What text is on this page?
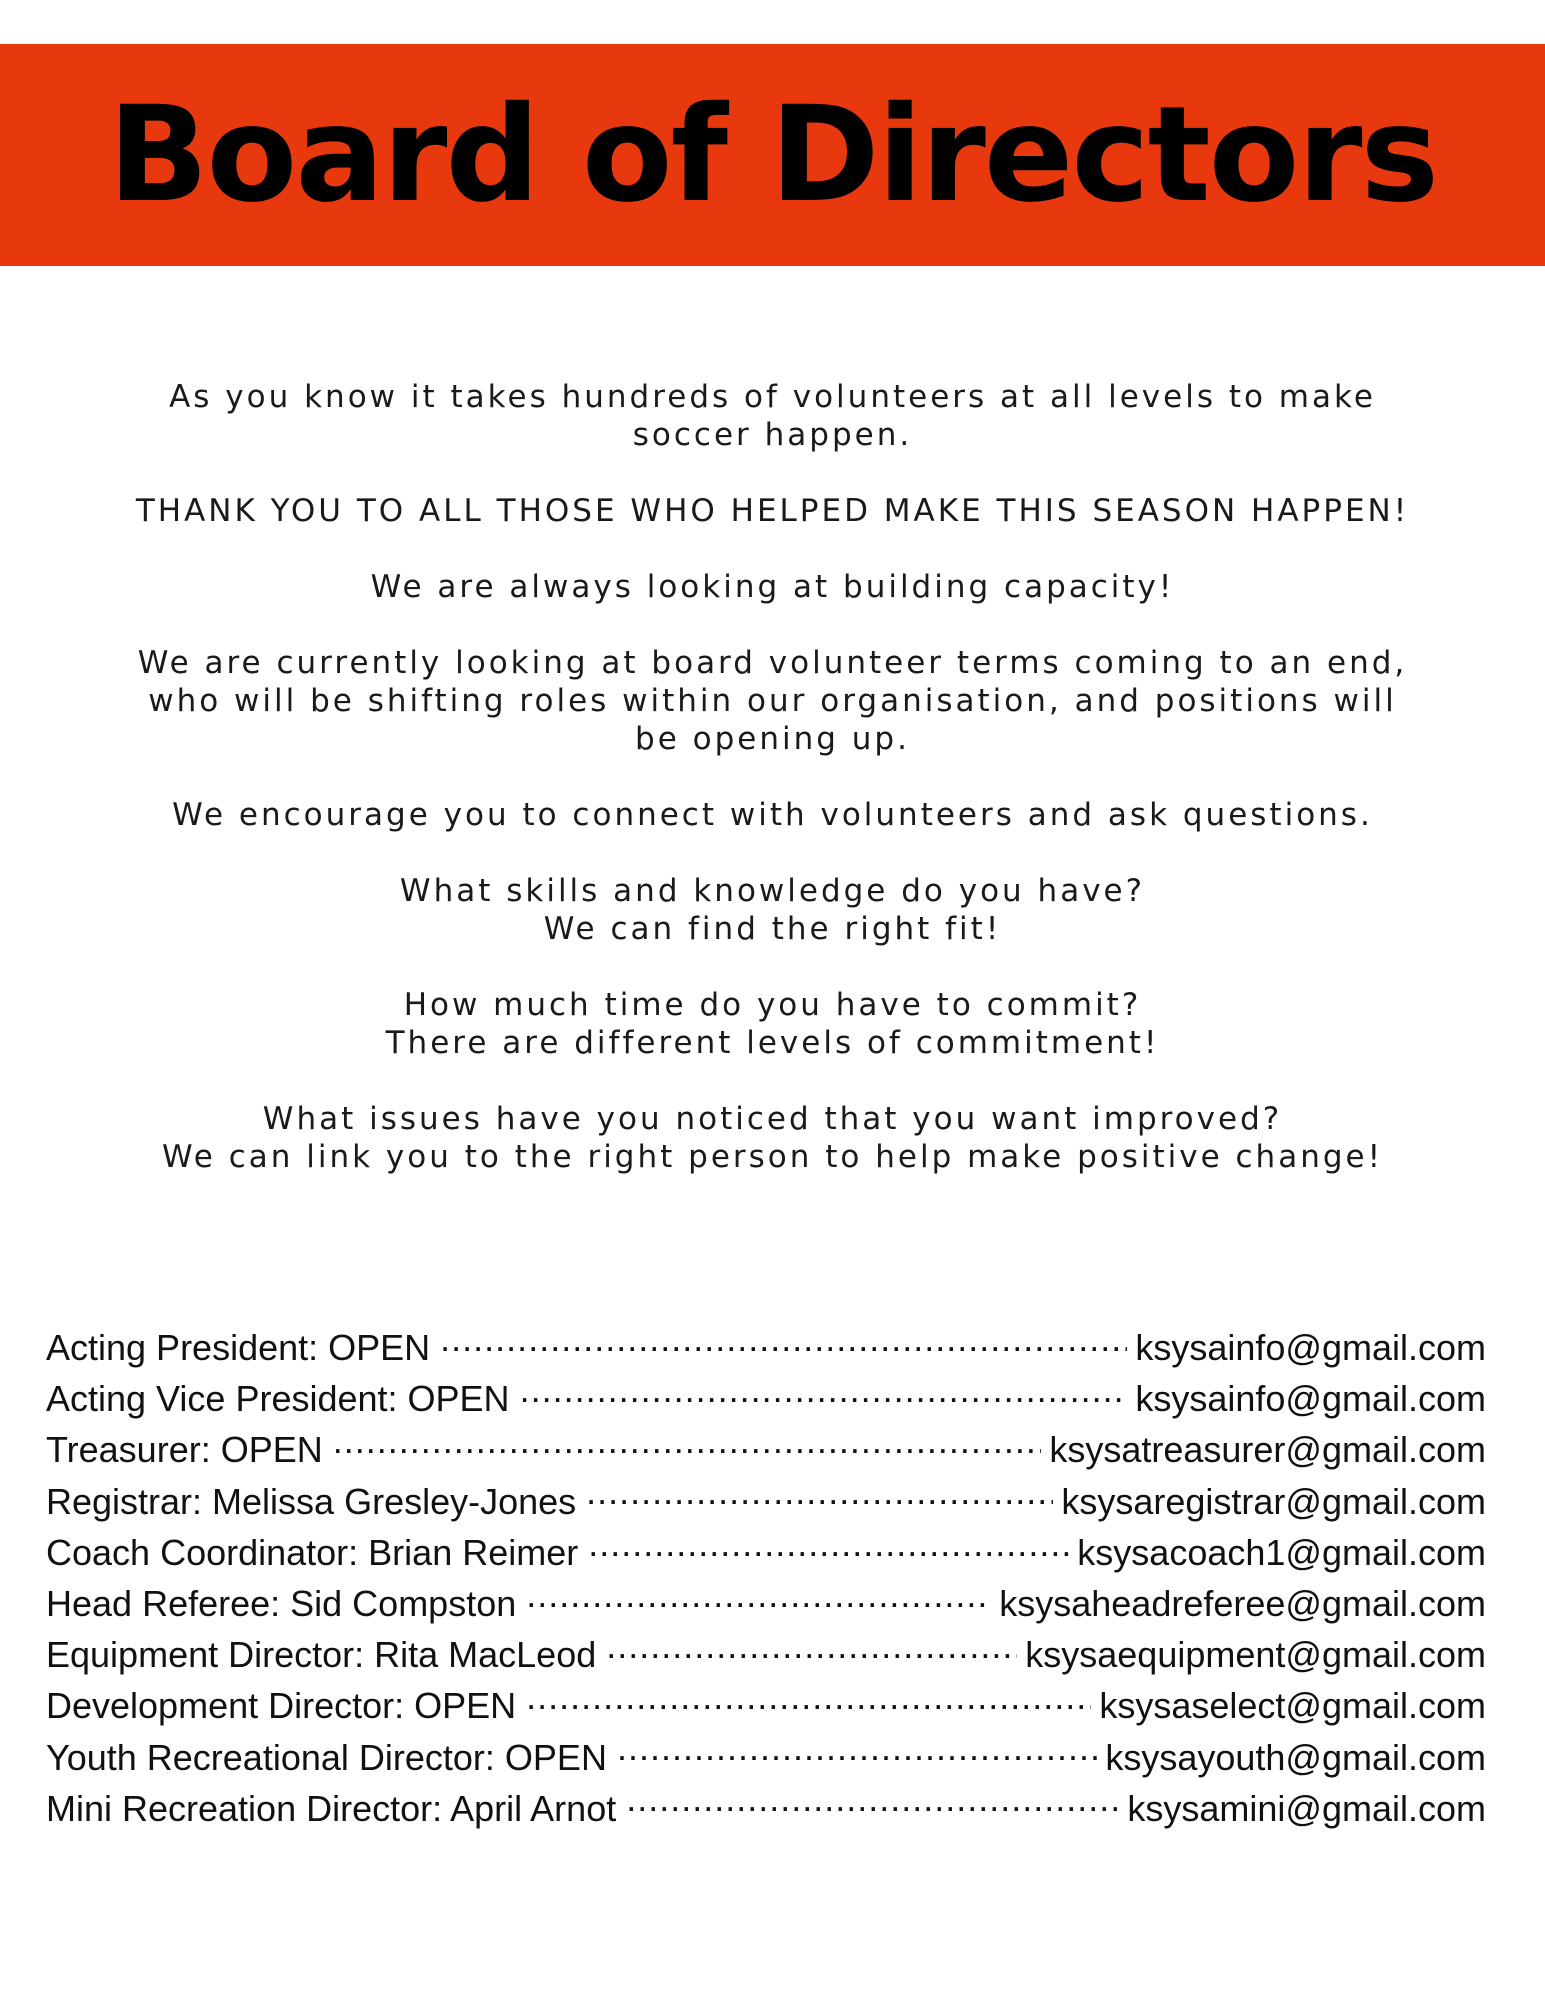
Board of Directors

As you know it takes hundreds of volunteers at all levels to make
soccer happen.

THANK YOU TO ALL THOSE WHO HELPED MAKE THIS SEASON HAPPEN!

We are always looking at building capacity!

We are currently looking at board volunteer terms coming to an end,
who will be shifting roles within our organisation, and positions will
be opening up.

We encourage you to connect with volunteers and ask questions.

What skills and knowledge do you have?
We can find the right fit!

How much time do you have to commit?
There are different levels of commitment!

What issues have you noticed that you want improved?
We can link you to the right person to help make positive change!

Acting President: OPEN .....	ksysainfo@gmail.com
Acting Vice President: OPEN .....	ksysainfo@gmail.com
Treasurer: OPEN .....	ksysatreasurer@gmail.com
Registrar: Melissa Gresley-Jones .....	ksysaregistrar@gmail.com
Coach Coordinator: Brian Reimer .....	ksysacoach1@gmail.com
Head Referee: Sid Compston .....	ksysaheadreferee@gmail.com
Equipment Director: Rita MacLeod .....	ksysaequipment@gmail.com
Development Director: OPEN .....	ksysaselect@gmail.com
Youth Recreational Director: OPEN .....	ksysayouth@gmail.com
Mini Recreation Director: April Arnot .....	ksysamini@gmail.com
